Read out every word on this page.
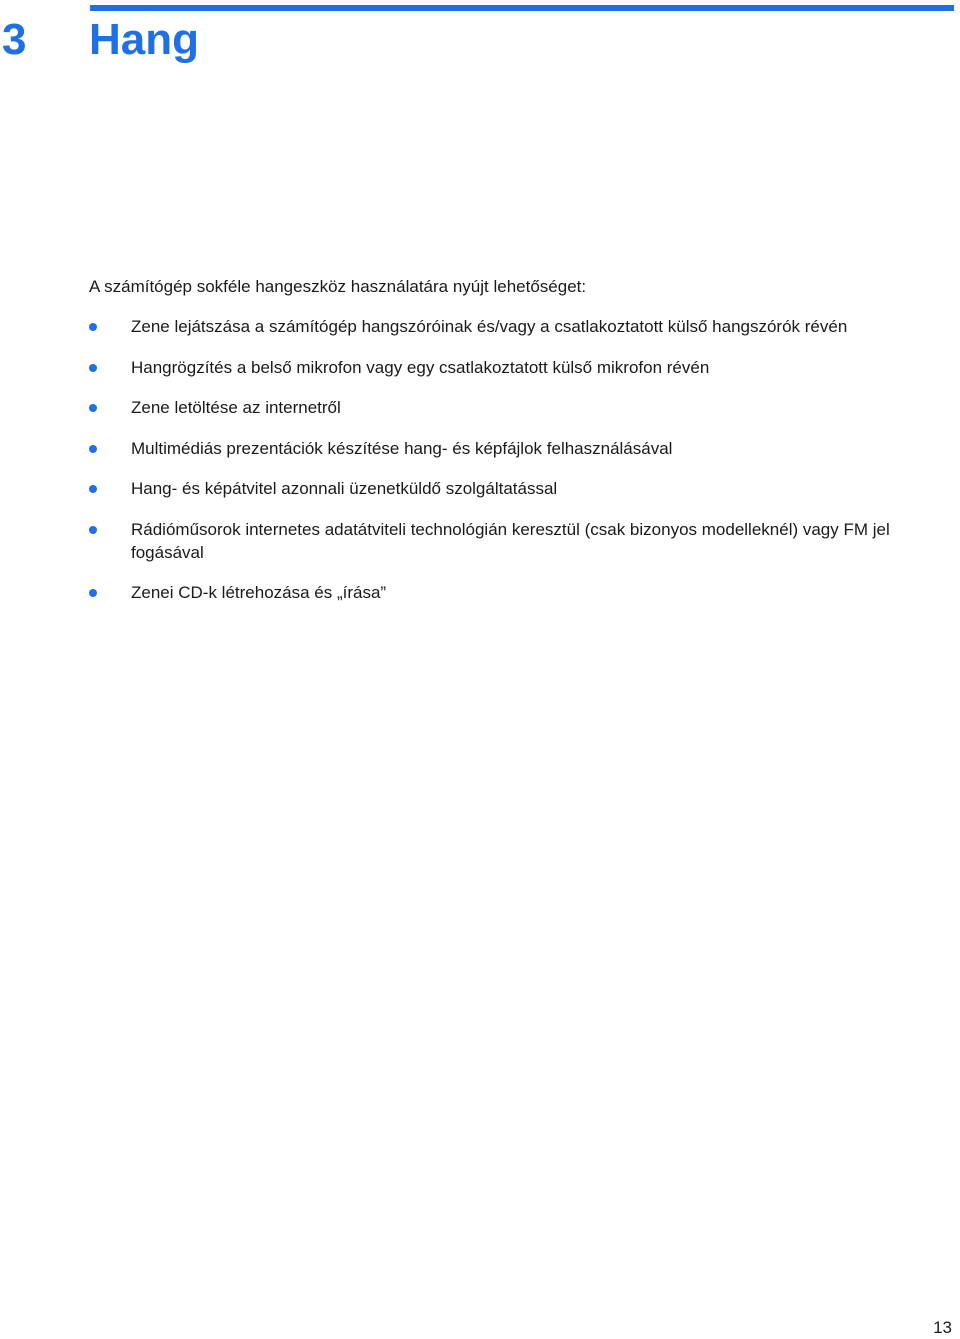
3 Hang

A számítógép sokféle hangeszköz használatára nyújt lehetőséget:

Zene lejátszása a számítógép hangszóróinak és/vagy a csatlakoztatott külső hangszórók révén
Hangrögzítés a belső mikrofon vagy egy csatlakoztatott külső mikrofon révén
Zene letöltése az internetről
Multimédiás prezentációk készítése hang- és képfájlok felhasználásával
Hang- és képátvitel azonnali üzenetküldő szolgáltatással
Rádióműsorok internetes adatátviteli technológián keresztül (csak bizonyos modelleknél) vagy FM jel fogásával
Zenei CD-k létrehozása és „írása”
13
